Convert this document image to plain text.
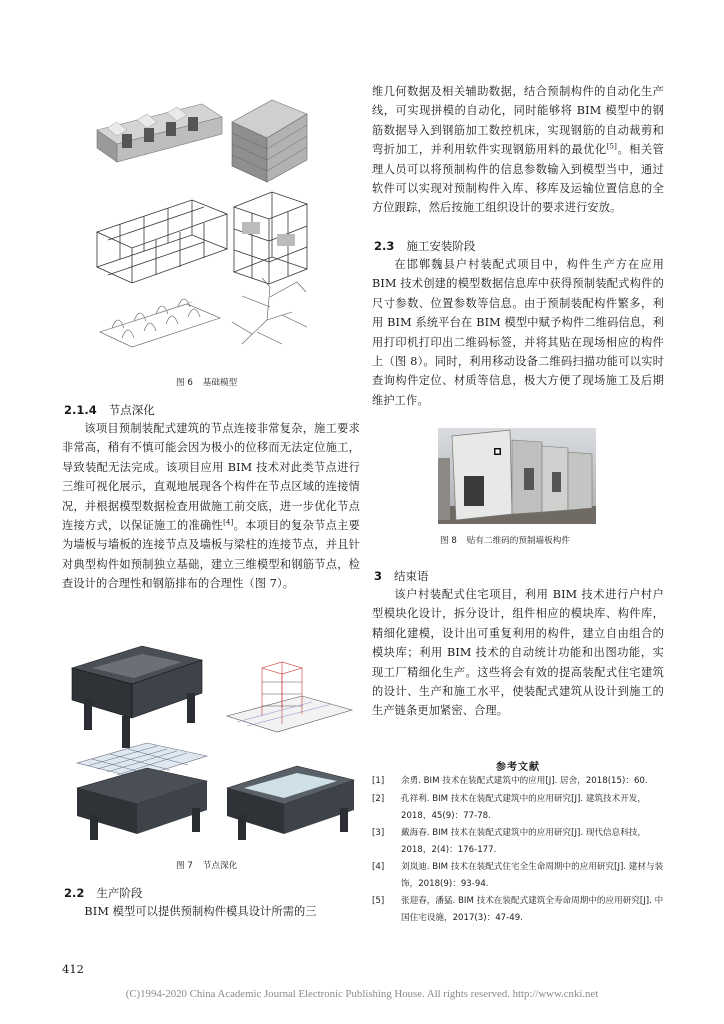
图 6 基础模型
2.1.4 节点深化

该项目预制装配式建筑的节点连接非常复杂，施工要求非常高，稍有不慎可能会因为极小的位移而无法定位施工，导致装配无法完成。该项目应用 BIM 技术对此类节点进行三维可视化展示，直观地展现各个构件在节点区域的连接情况，并根据模型数据检查用做施工前交底，进一步优化节点连接方式，以保证施工的准确性[4]。本项目的复杂节点主要为墙板与墙板的连接节点及墙板与梁柱的连接节点，并且针对典型构件如预制独立基础，建立三维模型和钢筋节点，检查设计的合理性和钢筋排布的合理性（图 7）。

图 7 节点深化
2.2 生产阶段

BIM 模型可以提供预制构件模具设计所需的三

维几何数据及相关辅助数据，结合预制构件的自动化生产线，可实现拼模的自动化，同时能够将 BIM 模型中的钢筋数据导入到钢筋加工数控机床，实现钢筋的自动裁剪和弯折加工，并利用软件实现钢筋用料的最优化[5]。相关管理人员可以将预制构件的信息参数输入到模型当中，通过软件可以实现对预制构件入库、移库及运输位置信息的全方位跟踪，然后按施工组织设计的要求进行安放。

2.3 施工安装阶段

在邯郸魏县户村装配式项目中，构件生产方在应用 BIM 技术创建的模型数据信息库中获得预制装配式构件的尺寸参数、位置参数等信息。由于预制装配构件繁多，利用 BIM 系统平台在 BIM 模型中赋予构件二维码信息，利用打印机打印出二维码标签，并将其贴在现场相应的构件上（图 8）。同时，利用移动设备二维码扫描功能可以实时查询构件定位、材质等信息，极大方便了现场施工及后期维护工作。

图 8 贴有二维码的预制墙板构件
3 结束语

该户村装配式住宅项目，利用 BIM 技术进行户村户型模块化设计，拆分设计，组件相应的模块库、构件库，精细化建模，设计出可重复利用的构件，建立自由组合的模块库；利用 BIM 技术的自动统计功能和出图功能，实现工厂精细化生产。这些将会有效的提高装配式住宅建筑的设计、生产和施工水平，使装配式建筑从设计到施工的生产链条更加紧密、合理。

参考文献
[1]	余勇. BIM 技术在装配式建筑中的应用[J]. 居舍，2018(15)：60.
[2]	孔祥利. BIM 技术在装配式建筑中的应用研究[J]. 建筑技术开发，2018，45(9)：77-78.
[3]	戴海春. BIM 技术在装配式建筑中的应用研究[J]. 现代信息科技，2018，2(4)：176-177.
[4]	刘岚迪. BIM 技术在装配式住宅全生命周期中的应用研究[J]. 建材与装饰，2018(9)：93-94.
[5]	张迎春，潘猛. BIM 技术在装配式建筑全寿命周期中的应用研究[J]. 中国住宅设施，2017(3)：47-49.
412
(C)1994-2020 China Academic Journal Electronic Publishing House. All rights reserved. http://www.cnki.net
